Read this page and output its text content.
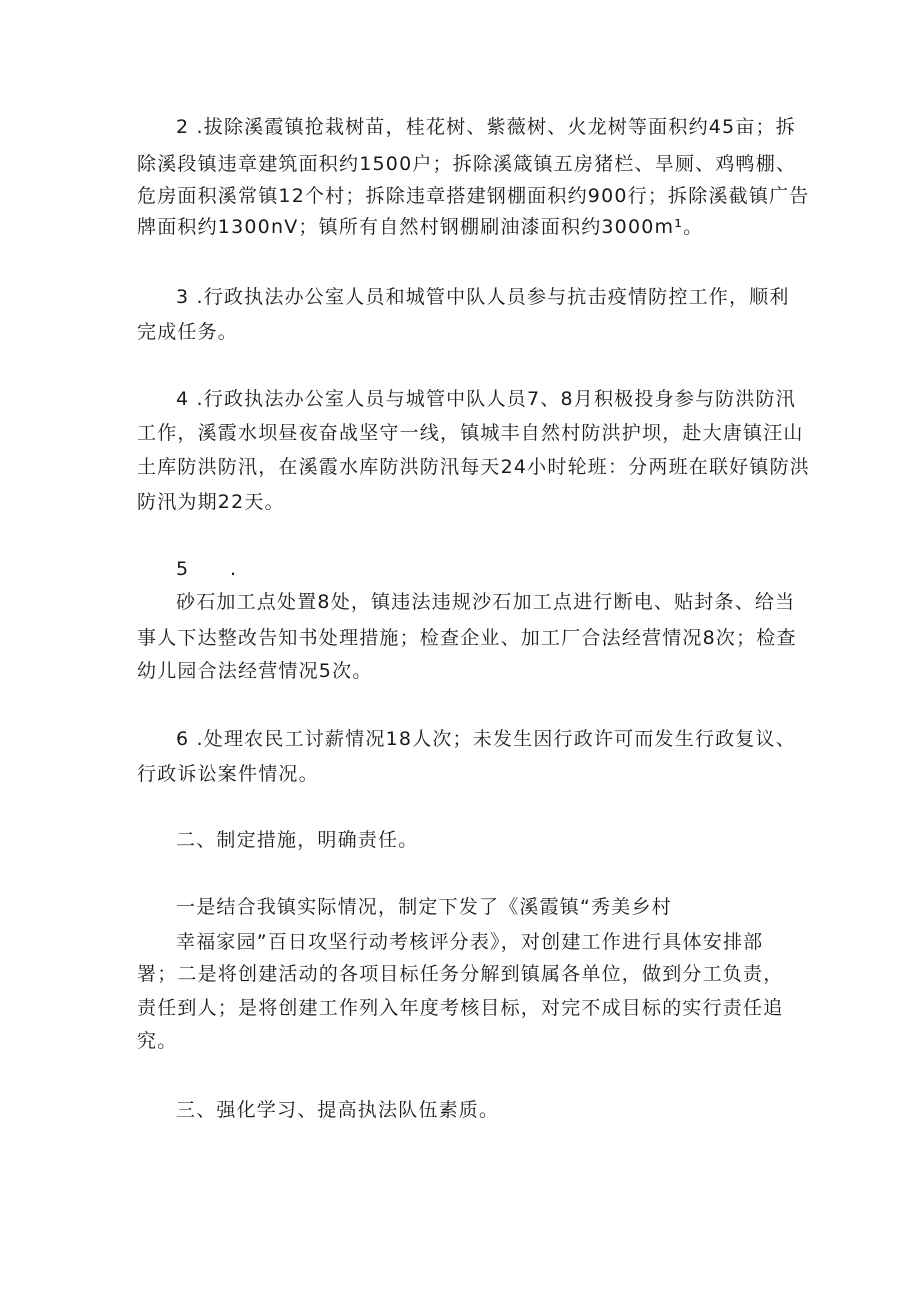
2 .拔除溪霞镇抢栽树苗，桂花树、紫薇树、火龙树等面积约45亩；拆
除溪段镇违章建筑面积约1500户；拆除溪箴镇五房猪栏、旱厕、鸡鸭棚、
危房面积溪常镇12个村；拆除违章搭建钢棚面积约900行；拆除溪截镇广告
牌面积约1300nV；镇所有自然村钢棚刷油漆面积约3000m¹。
3 .行政执法办公室人员和城管中队人员参与抗击疫情防控工作，顺利
完成任务。
4 .行政执法办公室人员与城管中队人员7、8月积极投身参与防洪防汛
工作，溪霞水坝昼夜奋战坚守一线，镇城丰自然村防洪护坝，赴大唐镇汪山
土库防洪防汛，在溪霞水库防洪防汛每天24小时轮班：分两班在联好镇防洪
防汛为期22天。
5 .
砂石加工点处置8处，镇违法违规沙石加工点进行断电、贴封条、给当
事人下达整改告知书处理措施；检查企业、加工厂合法经营情况8次；检查
幼儿园合法经营情况5次。
6 .处理农民工讨薪情况18人次；未发生因行政许可而发生行政复议、
行政诉讼案件情况。
二、制定措施，明确责任。
一是结合我镇实际情况，制定下发了《溪霞镇“秀美乡村
幸福家园”百日攻坚行动考核评分表》，对创建工作进行具体安排部
署；二是将创建活动的各项目标任务分解到镇属各单位，做到分工负责，
责任到人；是将创建工作列入年度考核目标，对完不成目标的实行责任追
究。
三、强化学习、提高执法队伍素质。
